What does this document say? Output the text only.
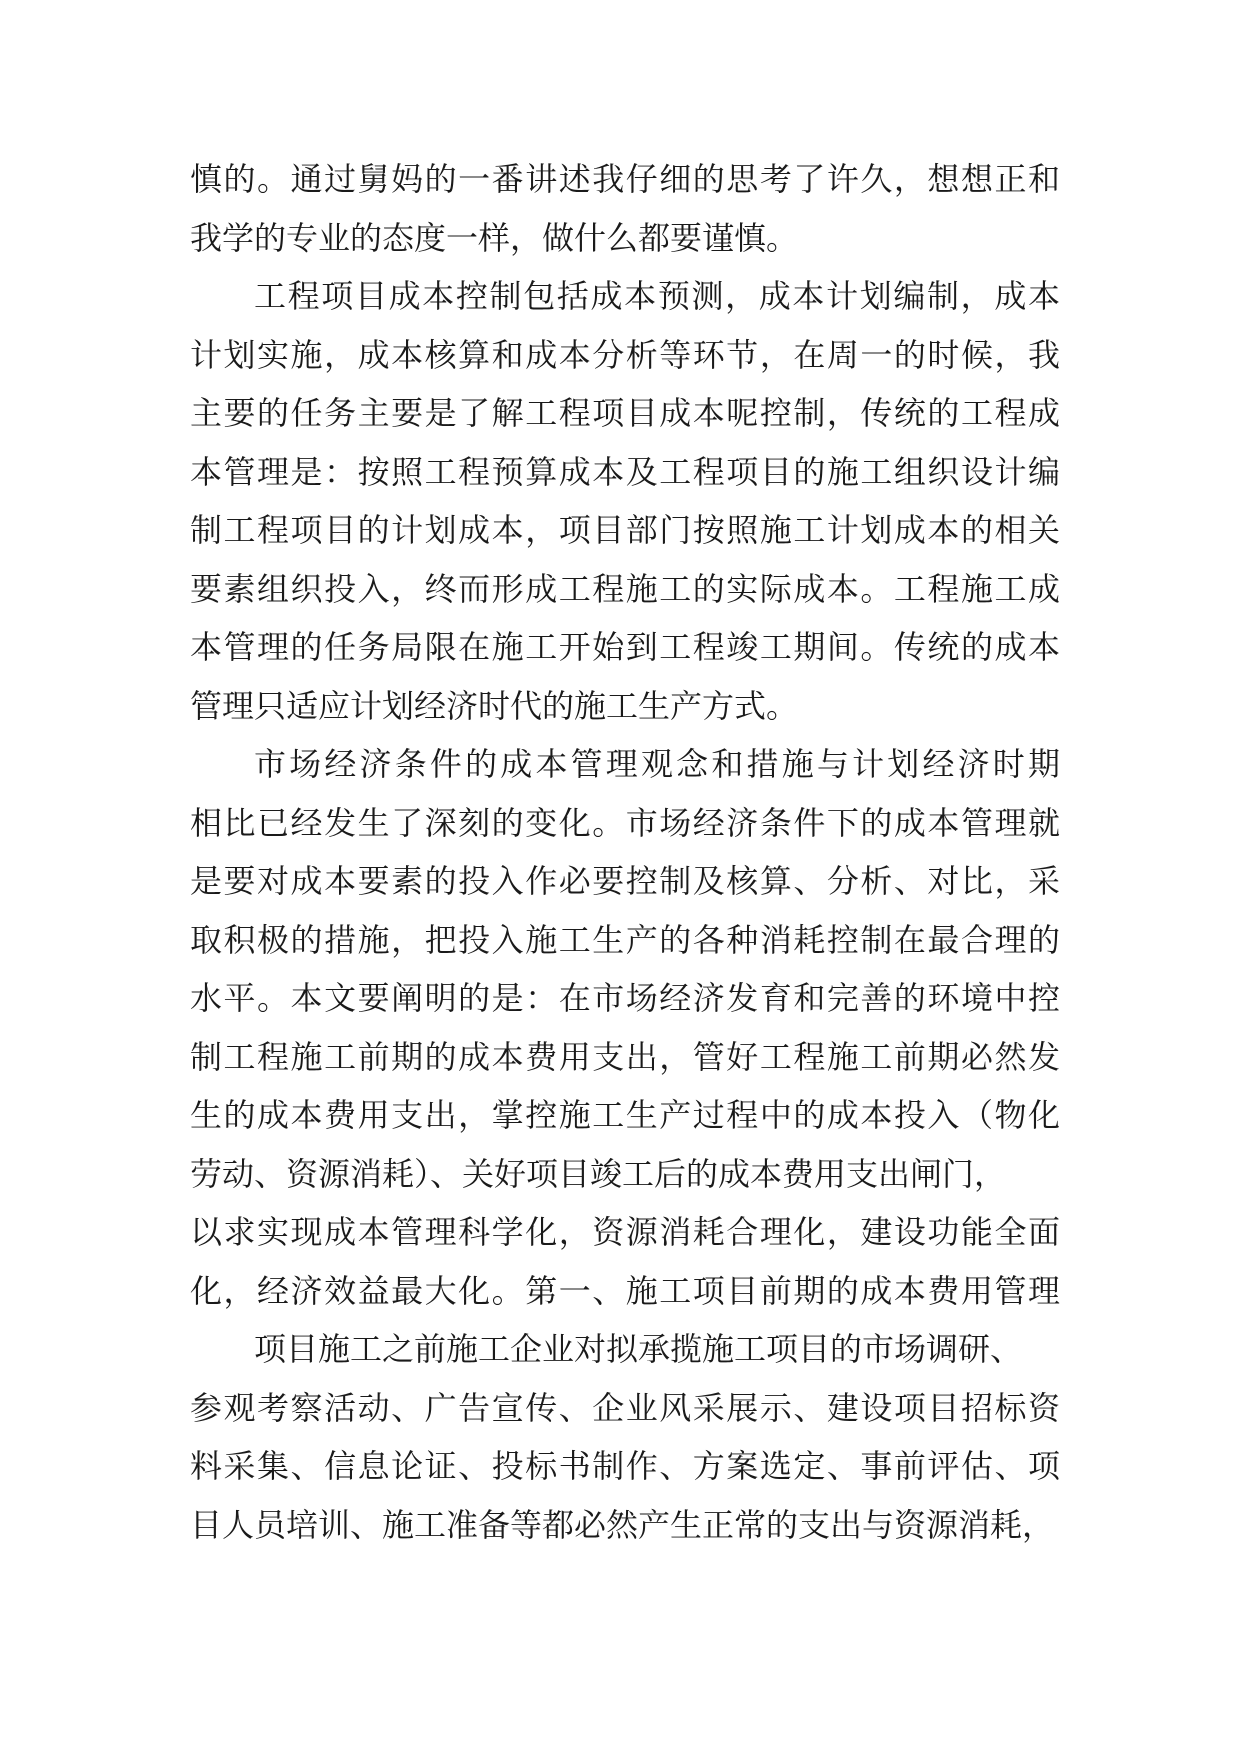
慎的。通过舅妈的一番讲述我仔细的思考了许久，想想正和
我学的专业的态度一样，做什么都要谨慎。
工程项目成本控制包括成本预测，成本计划编制，成本
计划实施，成本核算和成本分析等环节，在周一的时候，我
主要的任务主要是了解工程项目成本呢控制，传统的工程成
本管理是：按照工程预算成本及工程项目的施工组织设计编
制工程项目的计划成本，项目部门按照施工计划成本的相关
要素组织投入，终而形成工程施工的实际成本。工程施工成
本管理的任务局限在施工开始到工程竣工期间。传统的成本
管理只适应计划经济时代的施工生产方式。
市场经济条件的成本管理观念和措施与计划经济时期
相比已经发生了深刻的变化。市场经济条件下的成本管理就
是要对成本要素的投入作必要控制及核算、分析、对比，采
取积极的措施，把投入施工生产的各种消耗控制在最合理的
水平。本文要阐明的是：在市场经济发育和完善的环境中控
制工程施工前期的成本费用支出，管好工程施工前期必然发
生的成本费用支出，掌控施工生产过程中的成本投入（物化
劳动、资源消耗）、关好项目竣工后的成本费用支出闸门，
以求实现成本管理科学化，资源消耗合理化，建设功能全面
化，经济效益最大化。第一、施工项目前期的成本费用管理
项目施工之前施工企业对拟承揽施工项目的市场调研、
参观考察活动、广告宣传、企业风采展示、建设项目招标资
料采集、信息论证、投标书制作、方案选定、事前评估、项
目人员培训、施工准备等都必然产生正常的支出与资源消耗，
